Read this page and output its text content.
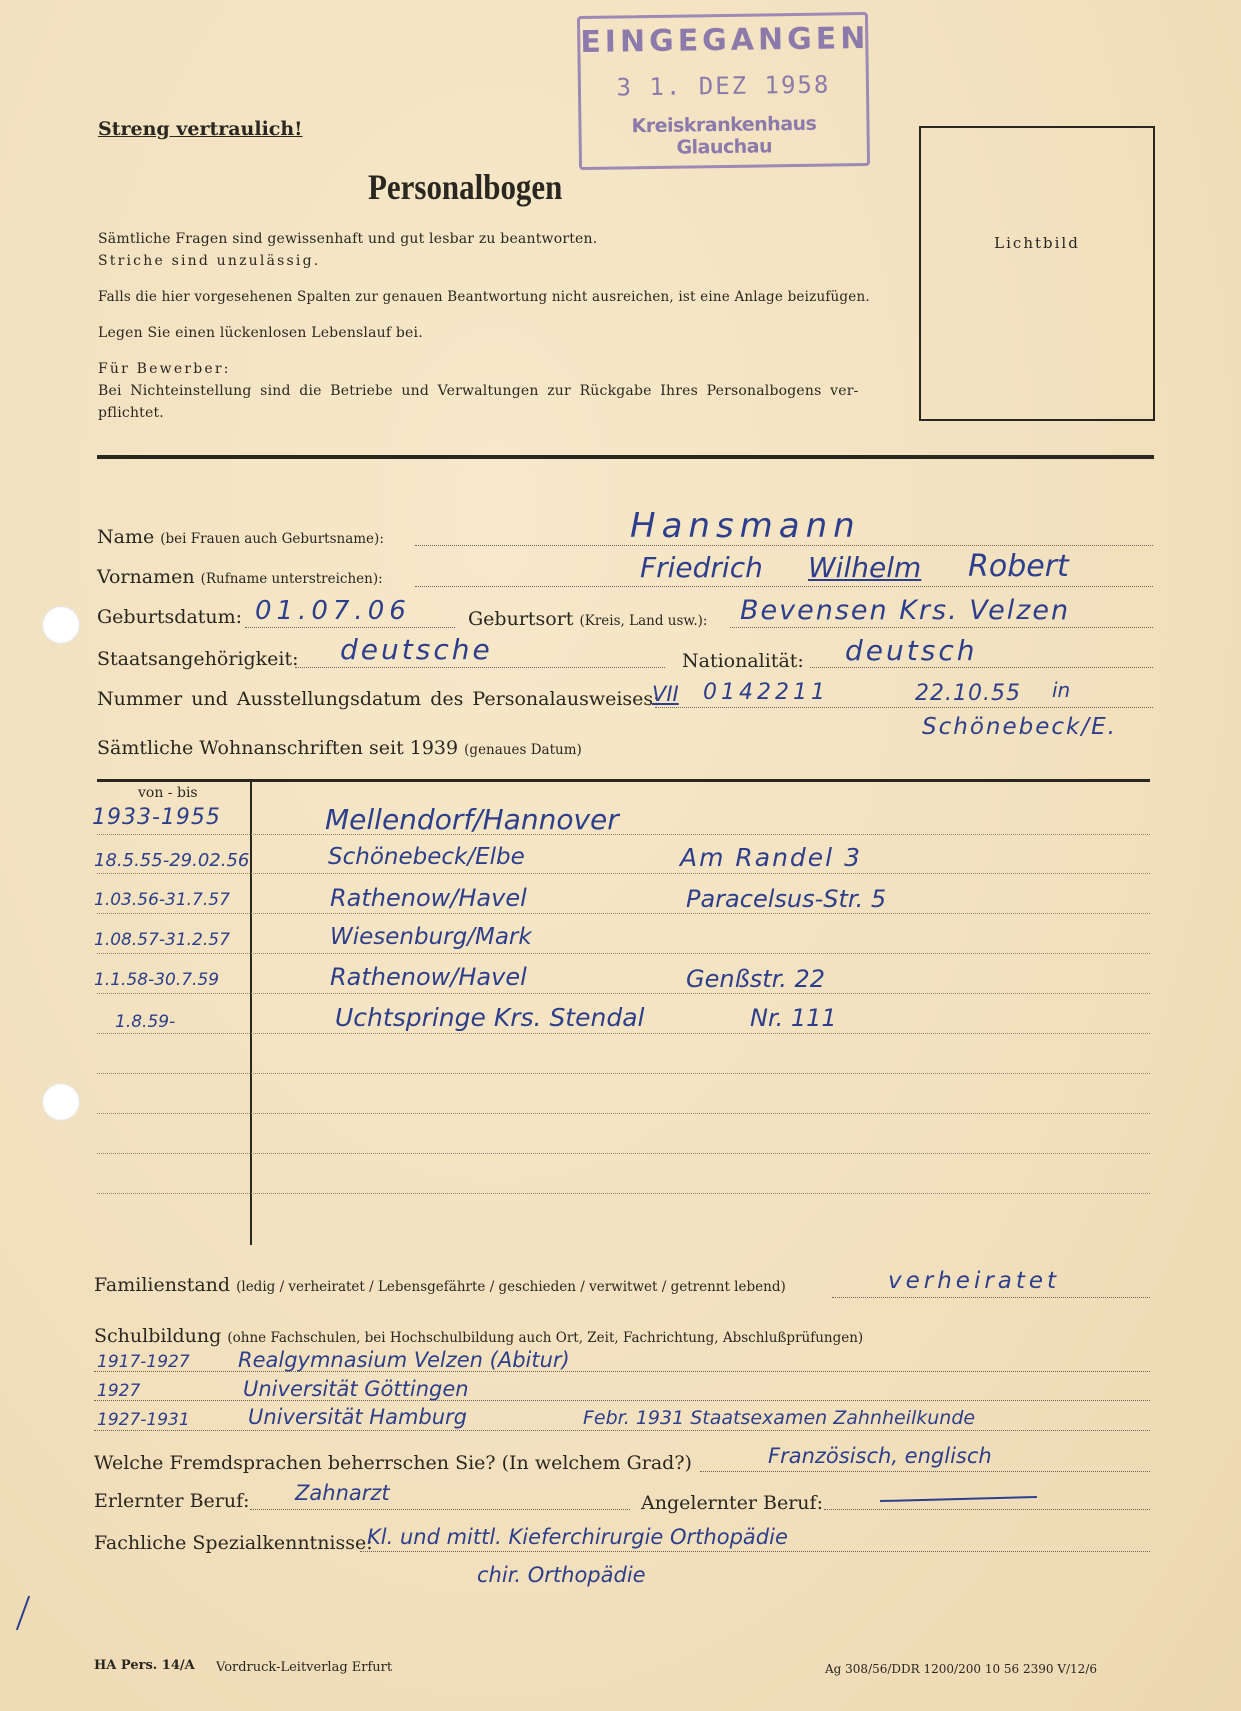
EINGEGANGEN
3 1. DEZ 1958
Kreiskrankenhaus Glauchau
Streng vertraulich!
Personalbogen
Sämtliche Fragen sind gewissenhaft und gut lesbar zu beantworten.
Striche sind unzulässig.
Falls die hier vorgesehenen Spalten zur genauen Beantwortung nicht ausreichen, ist eine Anlage beizufügen.
Legen Sie einen lückenlosen Lebenslauf bei.
Für Bewerber:
Bei Nichteinstellung sind die Betriebe und Verwaltungen zur Rückgabe Ihres Personalbogens ver-
pflichtet.
Lichtbild
Name (bei Frauen auch Geburtsname):	Hansmann
Vornamen (Rufname unterstreichen):	Friedrich Wilhelm Robert
Geburtsdatum: 01.07.06	Geburtsort (Kreis, Land usw.): Bevensen Krs. Velzen
Staatsangehörigkeit: deutsche	Nationalität: deutsch
Nummer und Ausstellungsdatum des Personalausweises:
VII 0142211	22.10.55 in
Schönebeck/E.
Sämtliche Wohnanschriften seit 1939 (genaues Datum)
von - bis
1933-1955	Mellendorf/Hannover
18.5.55-29.02.56	Schönebeck/Elbe	Am Randel 3
1.03.56-31.7.57	Rathenow/Havel	Paracelsus-Str. 5
1.08.57-31.2.57	Wiesenburg/Mark
1.1.58-30.7.59	Rathenow/Havel	Genßstr. 22
1.8.59-	Uchtspringe Krs. Stendal	Nr. 111
Familienstand (ledig / verheiratet / Lebensgefährte / geschieden / verwitwet / getrennt lebend)	verheiratet
Schulbildung (ohne Fachschulen, bei Hochschulbildung auch Ort, Zeit, Fachrichtung, Abschlußprüfungen)
1917-1927 Realgymnasium Velzen (Abitur)
1927	Universität Göttingen
1927-1931	Universität Hamburg	Febr. 1931 Staatsexamen Zahnheilkunde
Welche Fremdsprachen beherrschen Sie? (In welchem Grad?)	Französisch, englisch
Erlernter Beruf: Zahnarzt	Angelernter Beruf:
Fachliche Spezialkenntnisse:
Kl. und mittl. Kieferchirurgie Orthopädie
chir. Orthopädie
HA Pers. 14/A Vordruck-Leitverlag Erfurt	Ag 308/56/DDR 1200/200 10 56 2390 V/12/6
